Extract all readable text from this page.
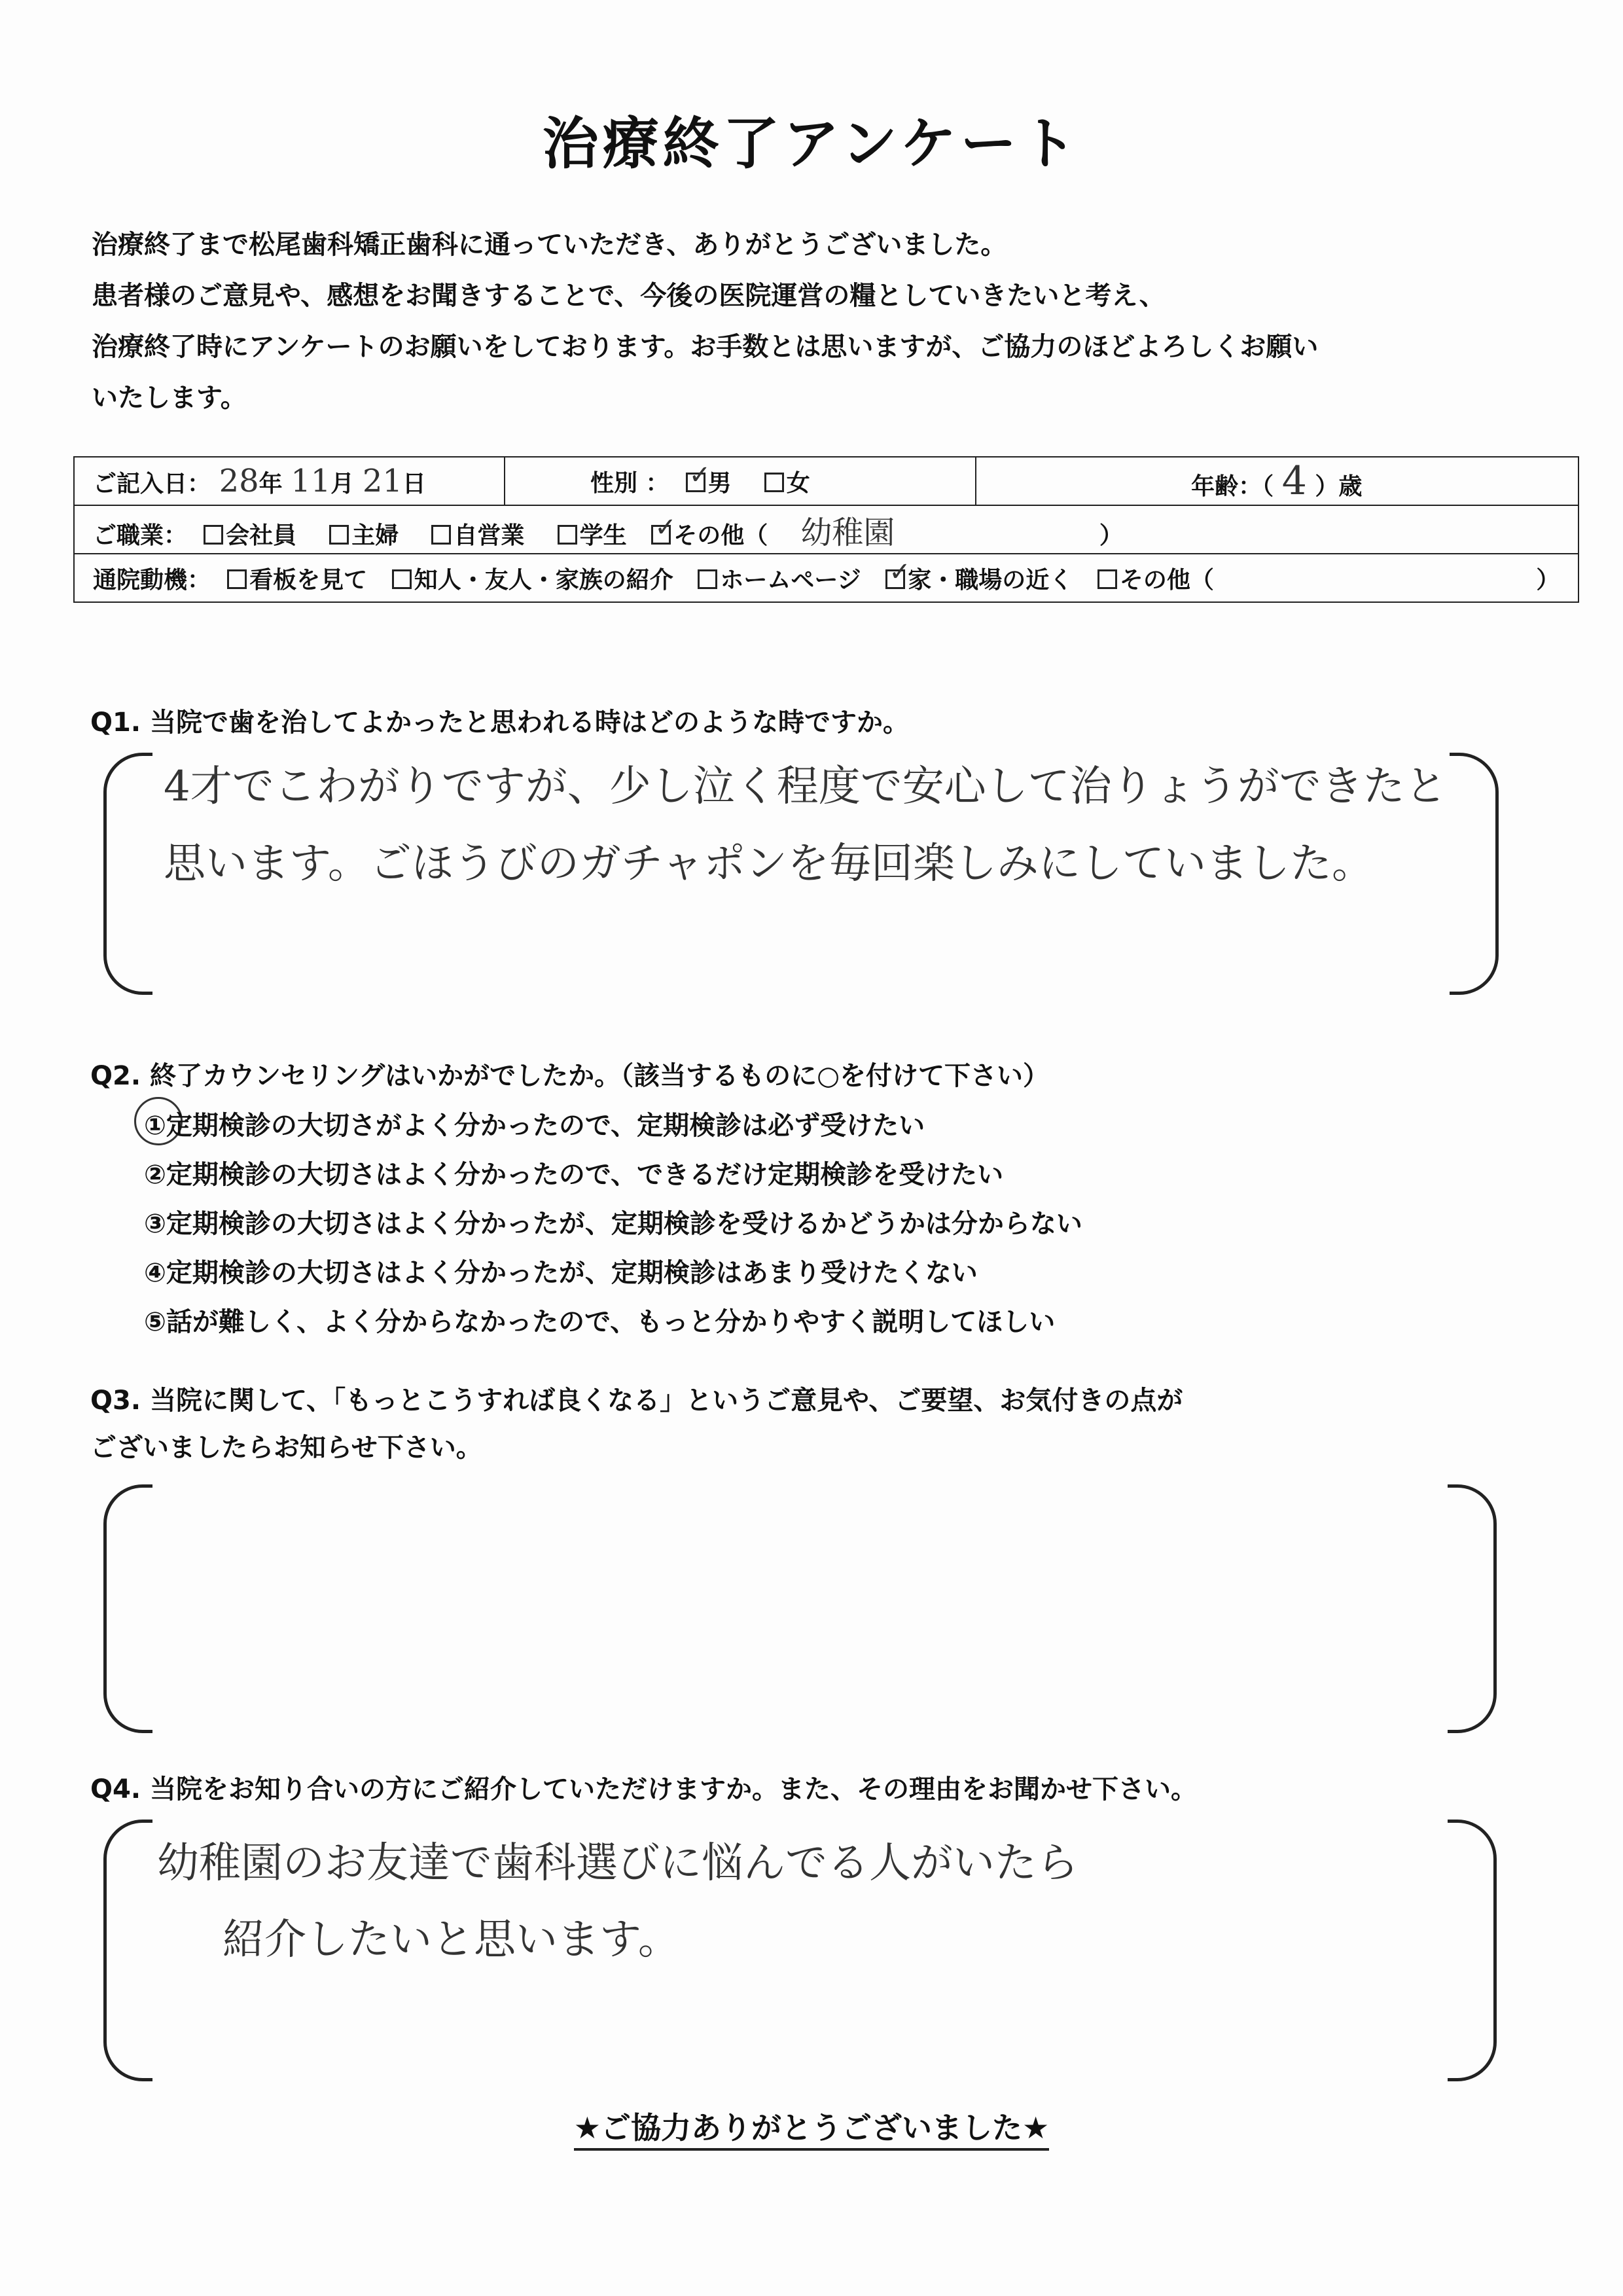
治療終了アンケート
治療終了まで松尾歯科矯正歯科に通っていただき、ありがとうございました。
患者様のご意見や、感想をお聞きすることで、今後の医院運営の糧としていきたいと考え、
治療終了時にアンケートのお願いをしております。お手数とは思いますが、ご協力のほどよろしくお願い
いたします。
ご記入日： 28年 11月 21日	性別 ： ✓ 男 女	年齢：（ 4 ）歳
ご職業： 会社員 主婦 自営業 学生 ✓ その他（ 幼稚園	）
通院動機： 看板を見て 知人・友人・家族の紹介 ホームページ ✓ 家・職場の近く その他（	）
Q1. 当院で歯を治してよかったと思われる時はどのような時ですか。
4才でこわがりですが、少し泣く程度で安心して治りょうができたと
思います。ごほうびのガチャポンを毎回楽しみにしていました。
Q2. 終了カウンセリングはいかがでしたか。（該当するものに○を付けて下さい）
①定期検診の大切さがよく分かったので、定期検診は必ず受けたい
②定期検診の大切さはよく分かったので、できるだけ定期検診を受けたい
③定期検診の大切さはよく分かったが、定期検診を受けるかどうかは分からない
④定期検診の大切さはよく分かったが、定期検診はあまり受けたくない
⑤話が難しく、よく分からなかったので、もっと分かりやすく説明してほしい
Q3. 当院に関して、「もっとこうすれば良くなる」というご意見や、ご要望、お気付きの点が
ございましたらお知らせ下さい。
Q4. 当院をお知り合いの方にご紹介していただけますか。また、その理由をお聞かせ下さい。
幼稚園のお友達で歯科選びに悩んでる人がいたら
紹介したいと思います。
★ご協力ありがとうございました★
